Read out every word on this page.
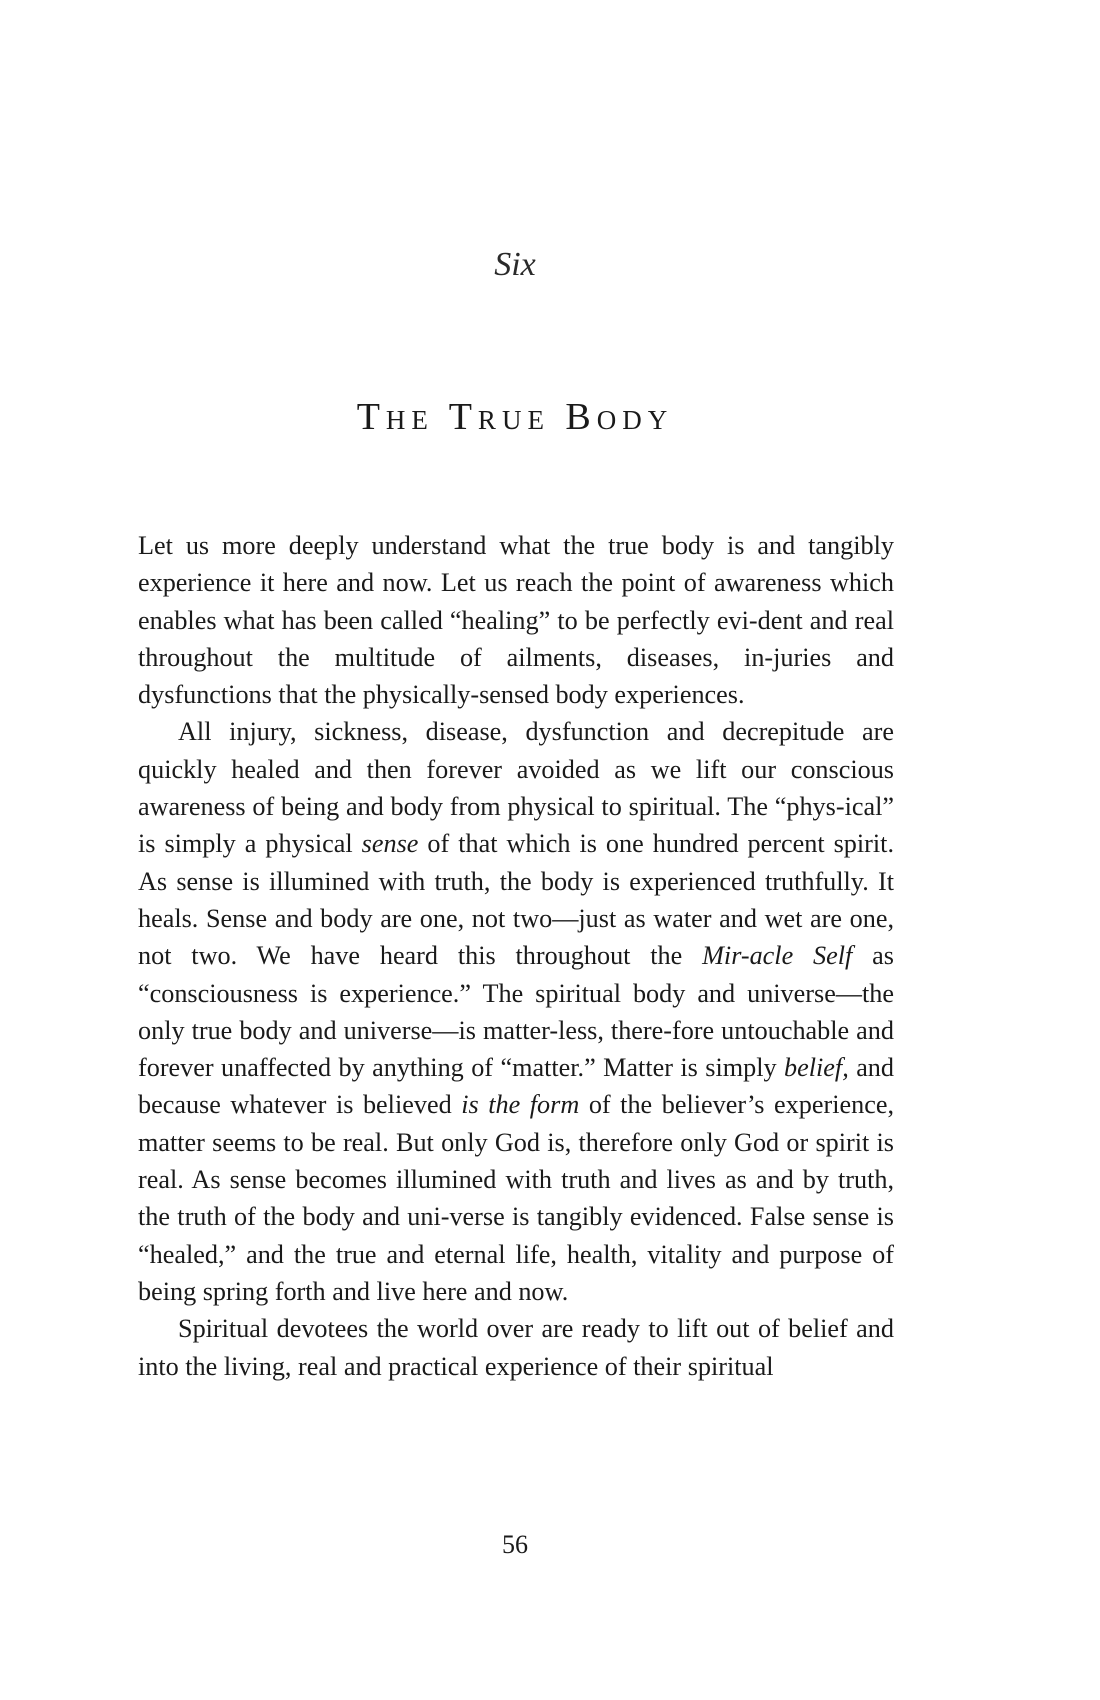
Six
The True Body

Let us more deeply understand what the true body is and tangibly experience it here and now. Let us reach the point of awareness which enables what has been called “healing” to be perfectly evi-dent and real throughout the multitude of ailments, diseases, in-juries and dysfunctions that the physically-sensed body experiences.

All injury, sickness, disease, dysfunction and decrepitude are quickly healed and then forever avoided as we lift our conscious awareness of being and body from physical to spiritual. The “phys-ical” is simply a physical sense of that which is one hundred percent spirit. As sense is illumined with truth, the body is experienced truthfully. It heals. Sense and body are one, not two—just as water and wet are one, not two. We have heard this throughout the Mir-acle Self as “consciousness is experience.” The spiritual body and universe—the only true body and universe—is matter-less, there-fore untouchable and forever unaffected by anything of “matter.” Matter is simply belief, and because whatever is believed is the form of the believer’s experience, matter seems to be real. But only God is, therefore only God or spirit is real. As sense becomes illumined with truth and lives as and by truth, the truth of the body and uni-verse is tangibly evidenced. False sense is “healed,” and the true and eternal life, health, vitality and purpose of being spring forth and live here and now.

Spiritual devotees the world over are ready to lift out of belief and into the living, real and practical experience of their spiritual

56
